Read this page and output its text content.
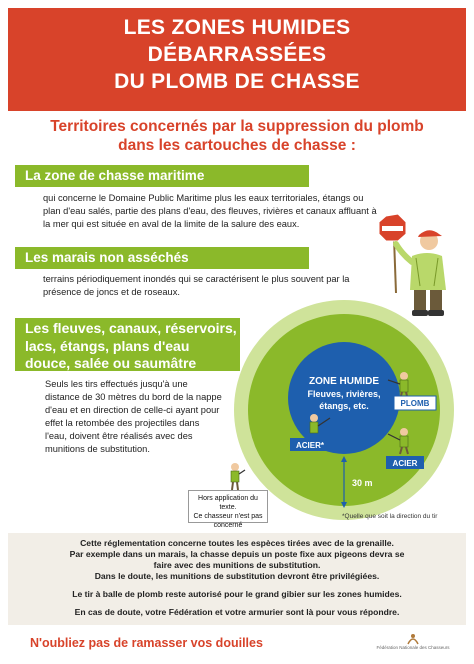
LES ZONES HUMIDES
DÉBARRASSÉES
DU PLOMB DE CHASSE
Territoires concernés par la suppression du plomb
dans les cartouches de chasse :
La zone de chasse maritime
qui concerne le Domaine Public Maritime plus les eaux territoriales, étangs ou plan d'eau salés, partie des plans d'eau, des fleuves, rivières et canaux affluant à la mer qui est située en aval de la limite de la salure des eaux.
Les marais non asséchés
terrains périodiquement inondés qui se caractérisent le plus souvent par la présence de joncs et de roseaux.
Les fleuves, canaux, réservoirs,
lacs, étangs, plans d'eau
douce, salée ou saumâtre
Seuls les tirs effectués jusqu'à une distance de 30 mètres du bord de la nappe d'eau et en direction de celle-ci ayant pour effet la retombée des projectiles dans l'eau, doivent être réalisés avec des munitions de substitution.
ZONE HUMIDE
Fleuves, rivières,
étangs, etc.	PLOMB
ACIER*
ACIER
30 m
Hors application du texte.
Ce chasseur n'est pas
concerné
*Quelle que soit la direction du tir
Cette réglementation concerne toutes les espèces tirées avec de la grenaille.
Par exemple dans un marais, la chasse depuis un poste fixe aux pigeons devra se
faire avec des munitions de substitution.
Dans le doute, les munitions de substitution devront être privilégiées.
Le tir à balle de plomb reste autorisé pour le grand gibier sur les zones humides.
En cas de doute, votre Fédération et votre armurier sont là pour vous répondre.
N'oubliez pas de ramasser vos douilles	Fédération Nationale des Chasseurs
